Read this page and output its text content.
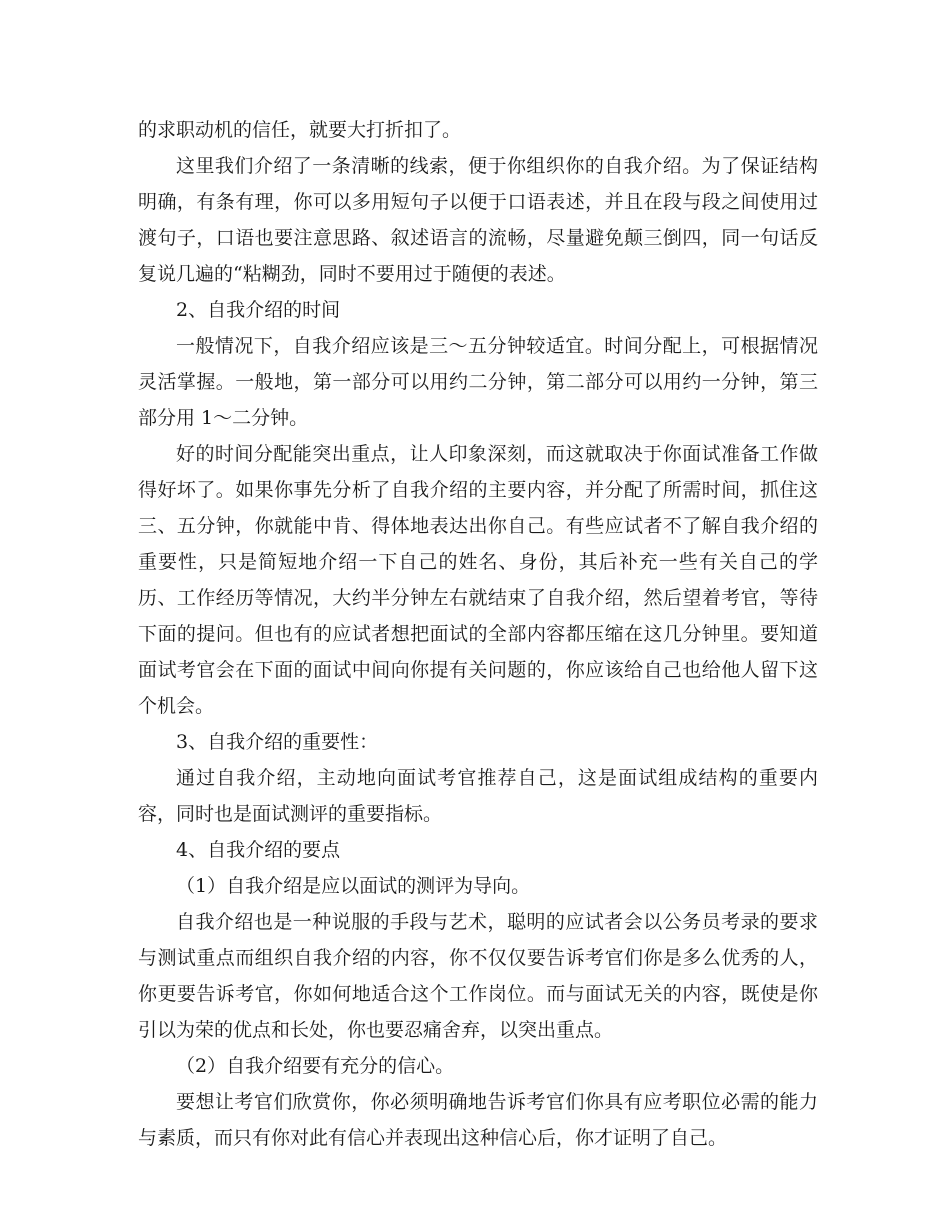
的求职动机的信任，就要大打折扣了。

这里我们介绍了一条清晰的线索，便于你组织你的自我介绍。为了保证结构明确，有条有理，你可以多用短句子以便于口语表述，并且在段与段之间使用过渡句子，口语也要注意思路、叙述语言的流畅，尽量避免颠三倒四，同一句话反复说几遍的“粘糊劲，同时不要用过于随便的表述。

2、自我介绍的时间

一般情况下，自我介绍应该是三～五分钟较适宜。时间分配上，可根据情况灵活掌握。一般地，第一部分可以用约二分钟，第二部分可以用约一分钟，第三部分用 1～二分钟。

好的时间分配能突出重点，让人印象深刻，而这就取决于你面试准备工作做得好坏了。如果你事先分析了自我介绍的主要内容，并分配了所需时间，抓住这三、五分钟，你就能中肯、得体地表达出你自己。有些应试者不了解自我介绍的重要性，只是简短地介绍一下自己的姓名、身份，其后补充一些有关自己的学历、工作经历等情况，大约半分钟左右就结束了自我介绍，然后望着考官，等待下面的提问。但也有的应试者想把面试的全部内容都压缩在这几分钟里。要知道面试考官会在下面的面试中间向你提有关问题的，你应该给自己也给他人留下这个机会。

3、自我介绍的重要性：

通过自我介绍，主动地向面试考官推荐自己，这是面试组成结构的重要内容，同时也是面试测评的重要指标。

4、自我介绍的要点

（1）自我介绍是应以面试的测评为导向。

自我介绍也是一种说服的手段与艺术，聪明的应试者会以公务员考录的要求与测试重点而组织自我介绍的内容，你不仅仅要告诉考官们你是多么优秀的人，你更要告诉考官，你如何地适合这个工作岗位。而与面试无关的内容，既使是你引以为荣的优点和长处，你也要忍痛舍弃，以突出重点。

（2）自我介绍要有充分的信心。

要想让考官们欣赏你，你必须明确地告诉考官们你具有应考职位必需的能力与素质，而只有你对此有信心并表现出这种信心后，你才证明了自己。
